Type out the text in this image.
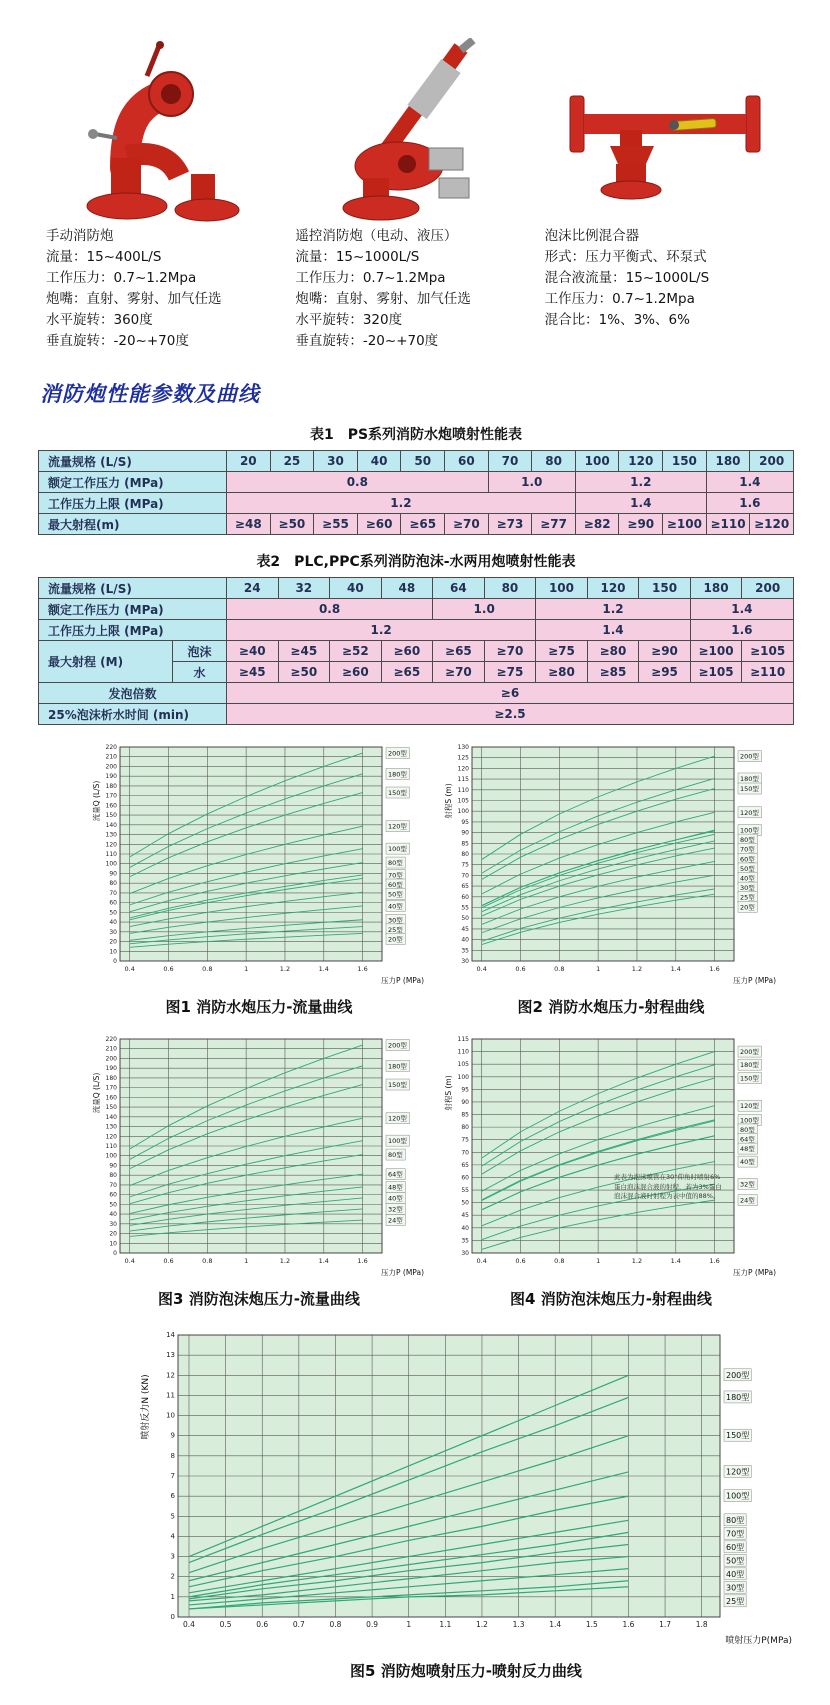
手动消防炮
流量：15~400L/S
工作压力：0.7~1.2Mpa
炮嘴：直射、雾射、加气任选
水平旋转：360度
垂直旋转：-20~+70度
遥控消防炮（电动、液压）
流量：15~1000L/S
工作压力：0.7~1.2Mpa
炮嘴：直射、雾射、加气任选
水平旋转：320度
垂直旋转：-20~+70度
泡沫比例混合器
形式：压力平衡式、环泵式
混合液流量：15~1000L/S
工作压力：0.7~1.2Mpa
混合比：1%、3%、6%
消防炮性能参数及曲线
表1　PS系列消防水炮喷射性能表
流量规格 (L/S)	20	25	30	40	50	60	70	80	100	120	150	180	200
额定工作压力 (MPa)	0.8						1.0		1.2			1.4	
工作压力上限 (MPa)	1.2								1.4			1.6	
最大射程(m)	≥48	≥50	≥55	≥60	≥65	≥70	≥73	≥77	≥82	≥90	≥100	≥110	≥120
表2　PLC,PPC系列消防泡沫-水两用炮喷射性能表
流量规格 (L/S)		24	32	40	48	64	80	100	120	150	180	200
额定工作压力 (MPa)		0.8				1.0		1.2			1.4	
工作压力上限 (MPa)		1.2						1.4			1.6	
最大射程 (M)	泡沫	≥40	≥45	≥52	≥60	≥65	≥70	≥75	≥80	≥90	≥100	≥105
	水	≥45	≥50	≥60	≥65	≥70	≥75	≥80	≥85	≥95	≥105	≥110
发泡倍数		≥6										
25%泡沫析水时间 (min)		≥2.5										
0.4	0.6	0.8	1	1.2	1.4	1.6
0
10
20
30
40
50
60
70
80
90
100
110
120
130
140
150
160
170
180
190
200
210
220
200型
180型
150型
120型
100型
80型
70型
60型
50型
40型
30型
25型
20型
流量Q (L/S)
压力P (MPa)
图1 消防水炮压力-流量曲线
0.4	0.6	0.8	1	1.2	1.4	1.6
30
35
40
45
50
55
60
65
70
75
80
85
90
95
100
105
110
115
120
125
130
200型
180型
150型
120型
100型
80型
70型
60型
50型
40型
30型
25型
20型
射程S (m)
压力P (MPa)
图2 消防水炮压力-射程曲线
0.4	0.6	0.8	1	1.2	1.4	1.6
0
10
20
30
40
50
60
70
80
90
100
110
120
130
140
150
160
170
180
190
200
210
220
200型
180型
150型
120型
100型
80型
64型
48型
40型
32型
24型
流量Q (L/S)
压力P (MPa)
图3 消防泡沫炮压力-流量曲线
0.4	0.6	0.8	1	1.2	1.4	1.6
30
35
40
45
50
55
60
65
70
75
80
85
90
95
100
105
110
115
200型
180型
150型
120型
100型
80型
64型
48型
40型
32型
24型
射程S (m)
压力P (MPa)
此表为泡沫喷管在30°仰角时喷射6%蛋白泡沫混合液的射程，若为3%蛋白泡沫混合液时射程为表中值的88%。
图4 消防泡沫炮压力-射程曲线
0.4	0.5	0.6	0.7	0.8	0.9	1	1.1	1.2	1.3	1.4	1.5	1.6	1.7	1.8
0
1
2
3
4
5
6
7
8
9
10
11
12
13
14
200型
180型
150型
120型
100型
80型
70型
60型
50型
40型
30型
25型
喷射反力N (KN)
喷射压力P(MPa)
图5 消防炮喷射压力-喷射反力曲线
